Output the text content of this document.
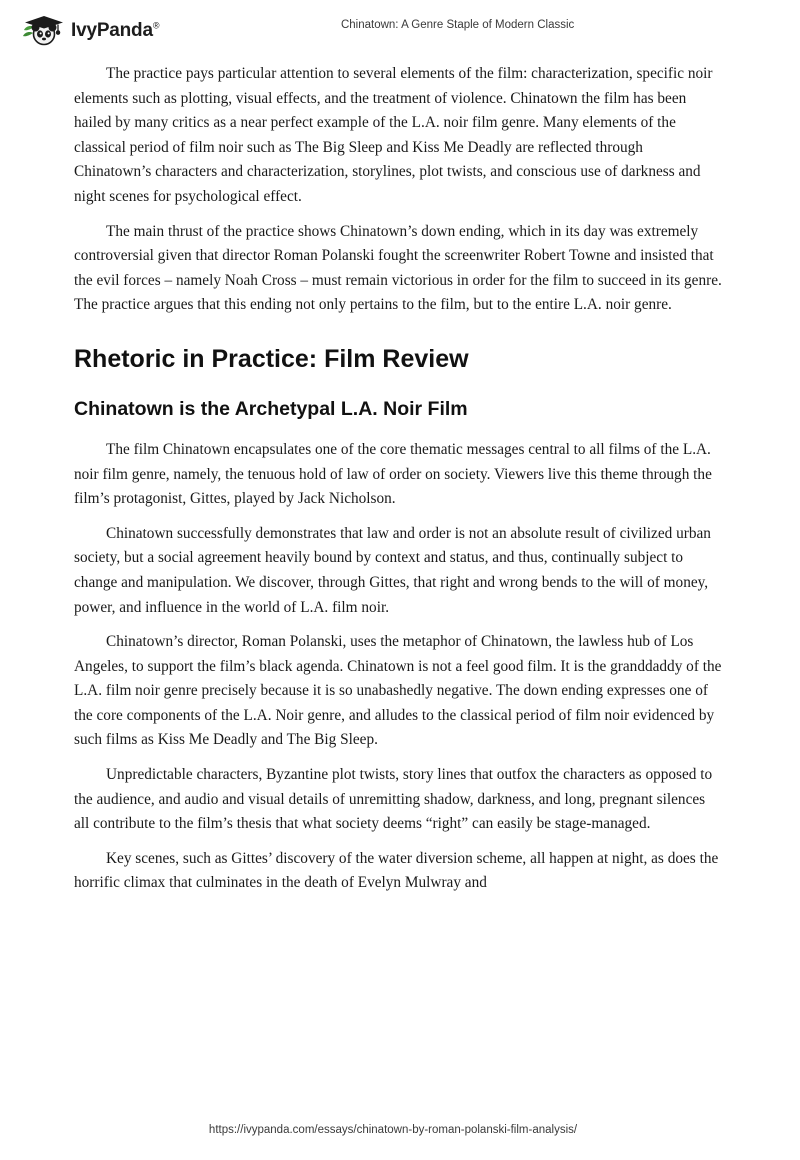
IvyPanda®	Chinatown: A Genre Staple of Modern Classic

The practice pays particular attention to several elements of the film: characterization, specific noir elements such as plotting, visual effects, and the treatment of violence. Chinatown the film has been hailed by many critics as a near perfect example of the L.A. noir film genre. Many elements of the classical period of film noir such as The Big Sleep and Kiss Me Deadly are reflected through Chinatown’s characters and characterization, storylines, plot twists, and conscious use of darkness and night scenes for psychological effect.

The main thrust of the practice shows Chinatown’s down ending, which in its day was extremely controversial given that director Roman Polanski fought the screenwriter Robert Towne and insisted that the evil forces – namely Noah Cross – must remain victorious in order for the film to succeed in its genre. The practice argues that this ending not only pertains to the film, but to the entire L.A. noir genre.

Rhetoric in Practice: Film Review
Chinatown is the Archetypal L.A. Noir Film

The film Chinatown encapsulates one of the core thematic messages central to all films of the L.A. noir film genre, namely, the tenuous hold of law of order on society. Viewers live this theme through the film’s protagonist, Gittes, played by Jack Nicholson.

Chinatown successfully demonstrates that law and order is not an absolute result of civilized urban society, but a social agreement heavily bound by context and status, and thus, continually subject to change and manipulation. We discover, through Gittes, that right and wrong bends to the will of money, power, and influence in the world of L.A. film noir.

Chinatown’s director, Roman Polanski, uses the metaphor of Chinatown, the lawless hub of Los Angeles, to support the film’s black agenda. Chinatown is not a feel good film. It is the granddaddy of the L.A. film noir genre precisely because it is so unabashedly negative. The down ending expresses one of the core components of the L.A. Noir genre, and alludes to the classical period of film noir evidenced by such films as Kiss Me Deadly and The Big Sleep.

Unpredictable characters, Byzantine plot twists, story lines that outfox the characters as opposed to the audience, and audio and visual details of unremitting shadow, darkness, and long, pregnant silences all contribute to the film’s thesis that what society deems “right” can easily be stage-managed.

Key scenes, such as Gittes’ discovery of the water diversion scheme, all happen at night, as does the horrific climax that culminates in the death of Evelyn Mulwray and

https://ivypanda.com/essays/chinatown-by-roman-polanski-film-analysis/
